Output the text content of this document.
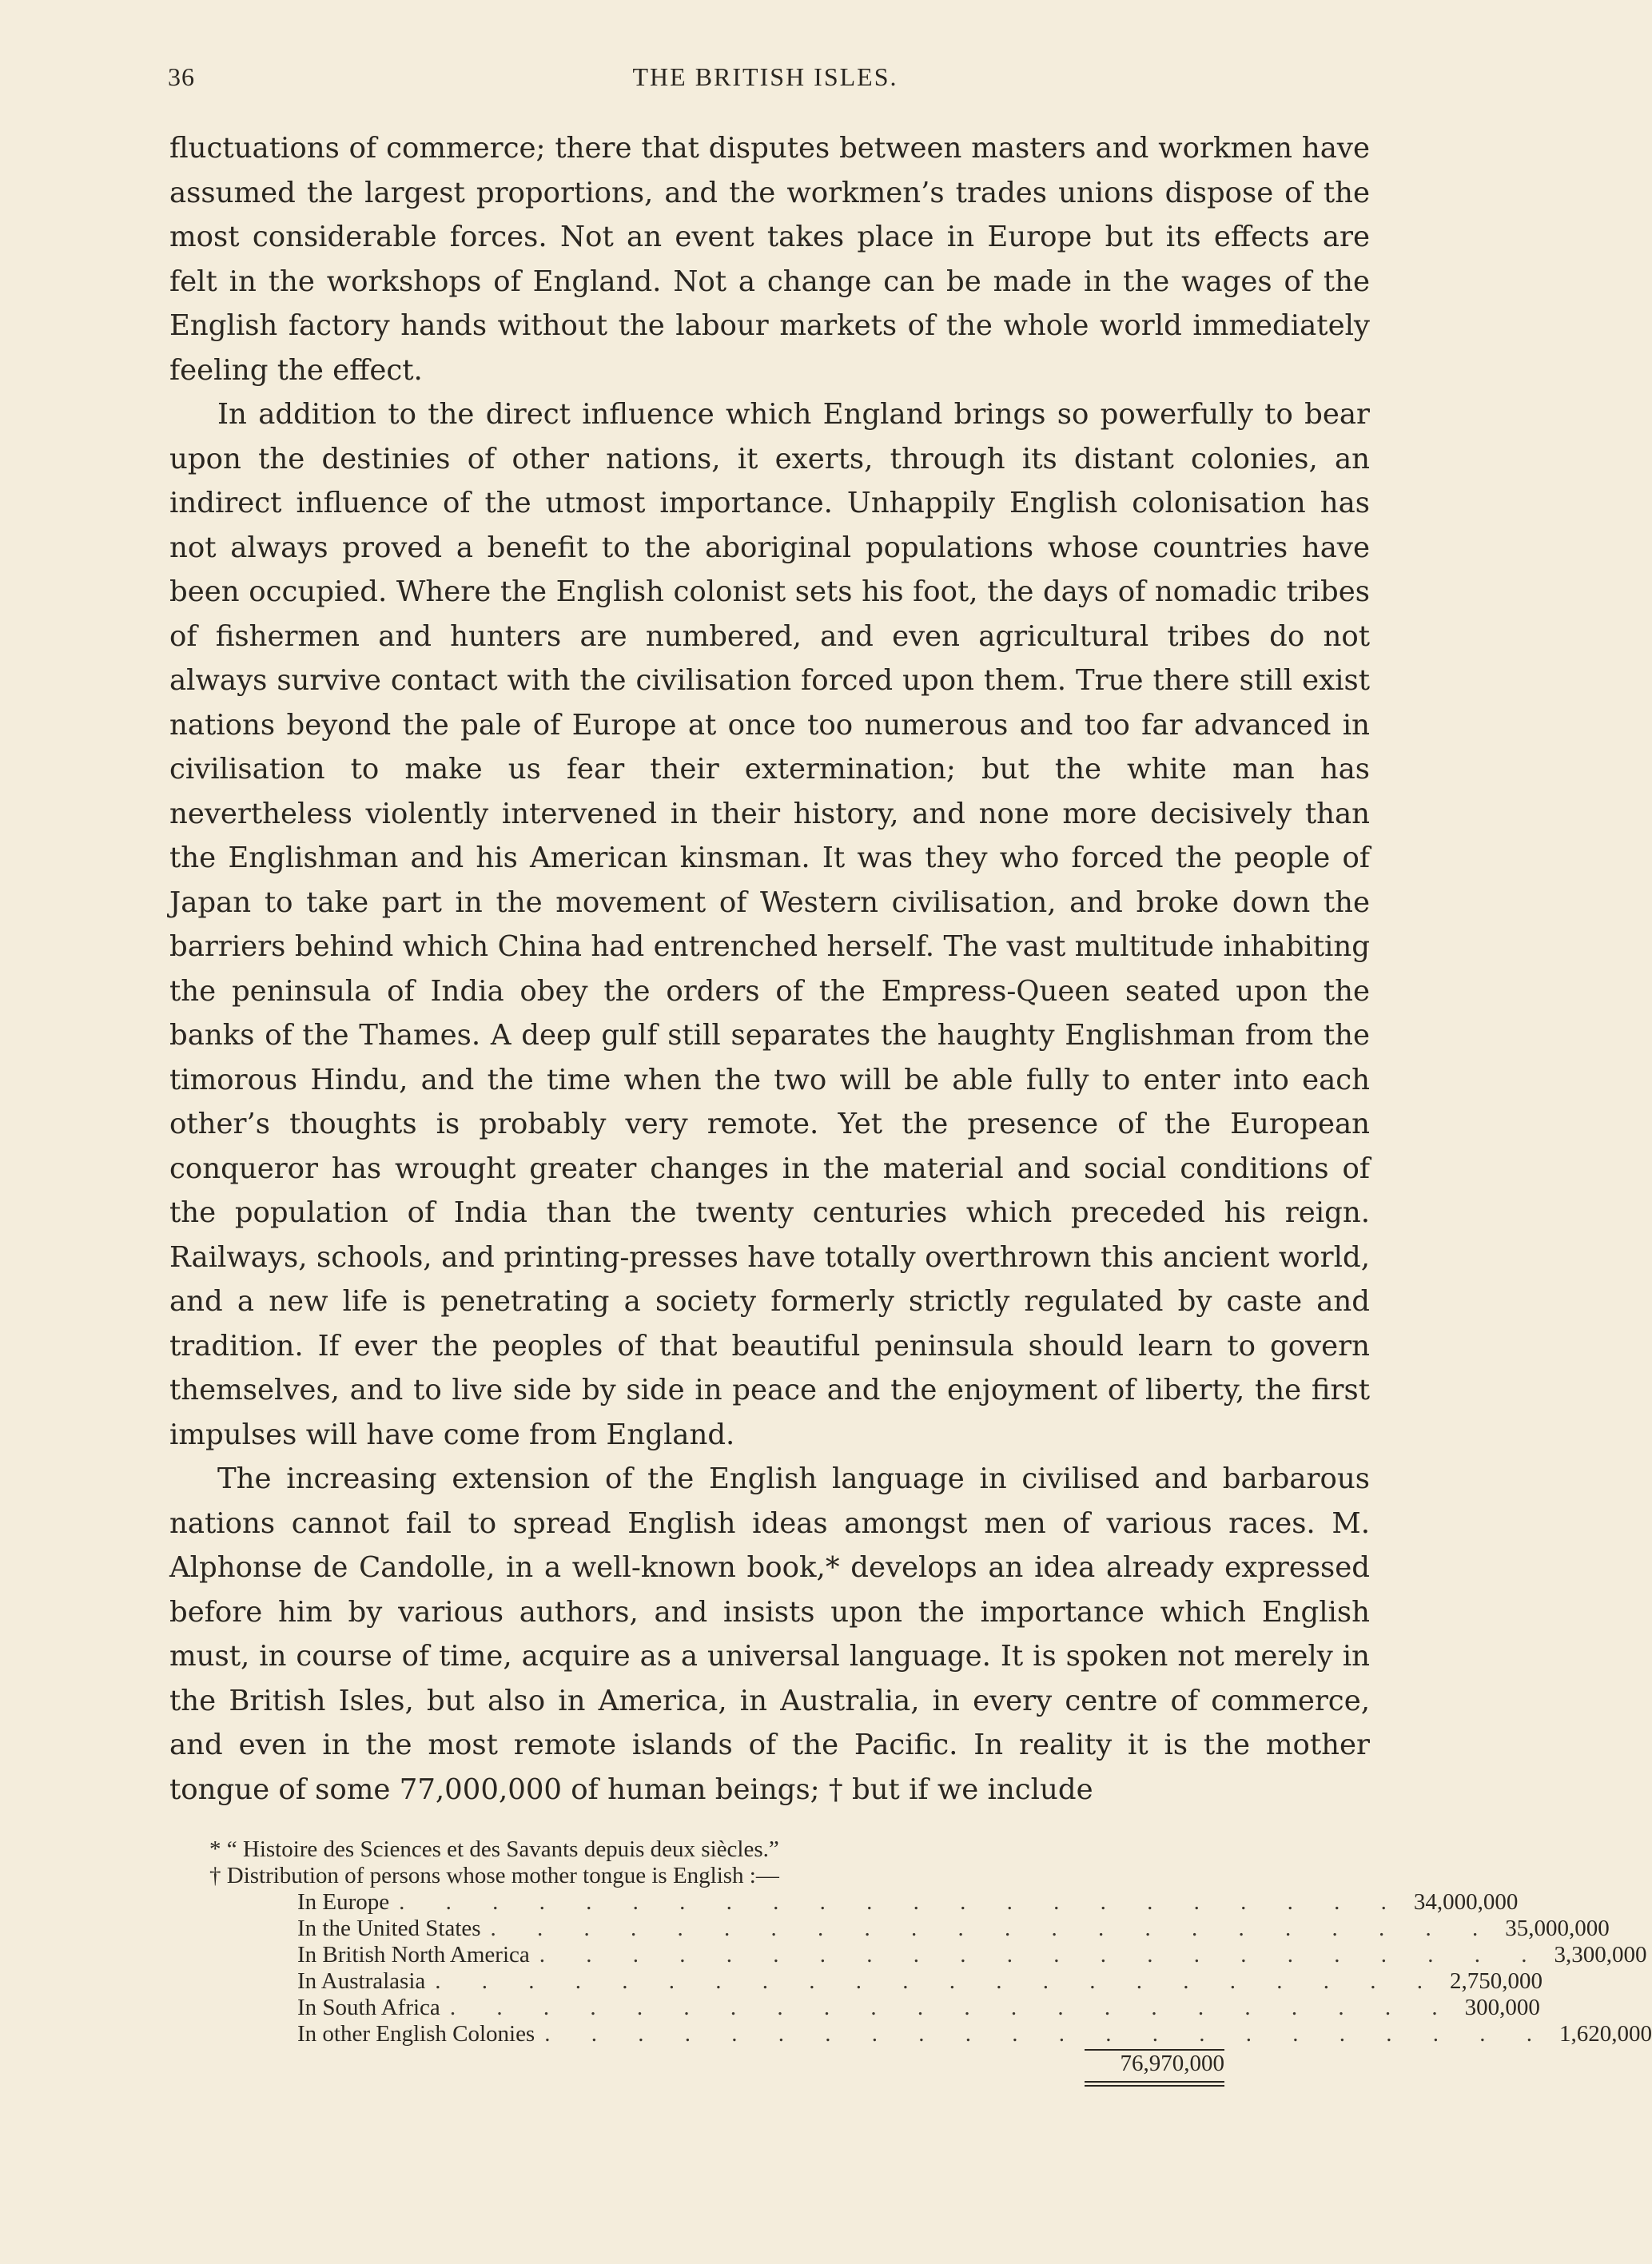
36	THE BRITISH ISLES.

fluctuations of commerce; there that disputes between masters and workmen have assumed the largest proportions, and the workmen’s trades unions dispose of the most considerable forces. Not an event takes place in Europe but its effects are felt in the workshops of England. Not a change can be made in the wages of the English factory hands without the labour markets of the whole world immediately feeling the effect.

In addition to the direct influence which England brings so powerfully to bear upon the destinies of other nations, it exerts, through its distant colonies, an indirect influence of the utmost importance. Unhappily English colonisation has not always proved a benefit to the aboriginal populations whose countries have been occupied. Where the English colonist sets his foot, the days of nomadic tribes of fishermen and hunters are numbered, and even agricultural tribes do not always survive contact with the civilisation forced upon them. True there still exist nations beyond the pale of Europe at once too numerous and too far advanced in civilisation to make us fear their extermination; but the white man has nevertheless violently intervened in their history, and none more decisively than the Englishman and his American kinsman. It was they who forced the people of Japan to take part in the movement of Western civilisation, and broke down the barriers behind which China had entrenched herself. The vast multitude inhabiting the peninsula of India obey the orders of the Empress-Queen seated upon the banks of the Thames. A deep gulf still separates the haughty Englishman from the timorous Hindu, and the time when the two will be able fully to enter into each other’s thoughts is probably very remote. Yet the presence of the European conqueror has wrought greater changes in the material and social conditions of the population of India than the twenty centuries which preceded his reign. Railways, schools, and printing-presses have totally overthrown this ancient world, and a new life is penetrating a society formerly strictly regulated by caste and tradition. If ever the peoples of that beautiful peninsula should learn to govern themselves, and to live side by side in peace and the enjoyment of liberty, the first impulses will have come from England.

The increasing extension of the English language in civilised and barbarous nations cannot fail to spread English ideas amongst men of various races. M. Alphonse de Candolle, in a well-known book,* develops an idea already expressed before him by various authors, and insists upon the importance which English must, in course of time, acquire as a universal language. It is spoken not merely in the British Isles, but also in America, in Australia, in every centre of commerce, and even in the most remote islands of the Pacific. In reality it is the mother tongue of some 77,000,000 of human beings; † but if we include

* “ Histoire des Sciences et des Savants depuis deux siècles.”

† Distribution of persons whose mother tongue is English :—

In Europe . . . . . . . . . . . . . . . . . . . . . . 34,000,000
In the United States . . . . . . . . . . . . . . . . . . . . . . 35,000,000
In British North America . . . . . . . . . . . . . . . . . . . . . . 3,300,000
In Australasia . . . . . . . . . . . . . . . . . . . . . . 2,750,000
In South Africa . . . . . . . . . . . . . . . . . . . . . . 300,000
In other English Colonies . . . . . . . . . . . . . . . . . . . . . . 1,620,000
76,970,000
